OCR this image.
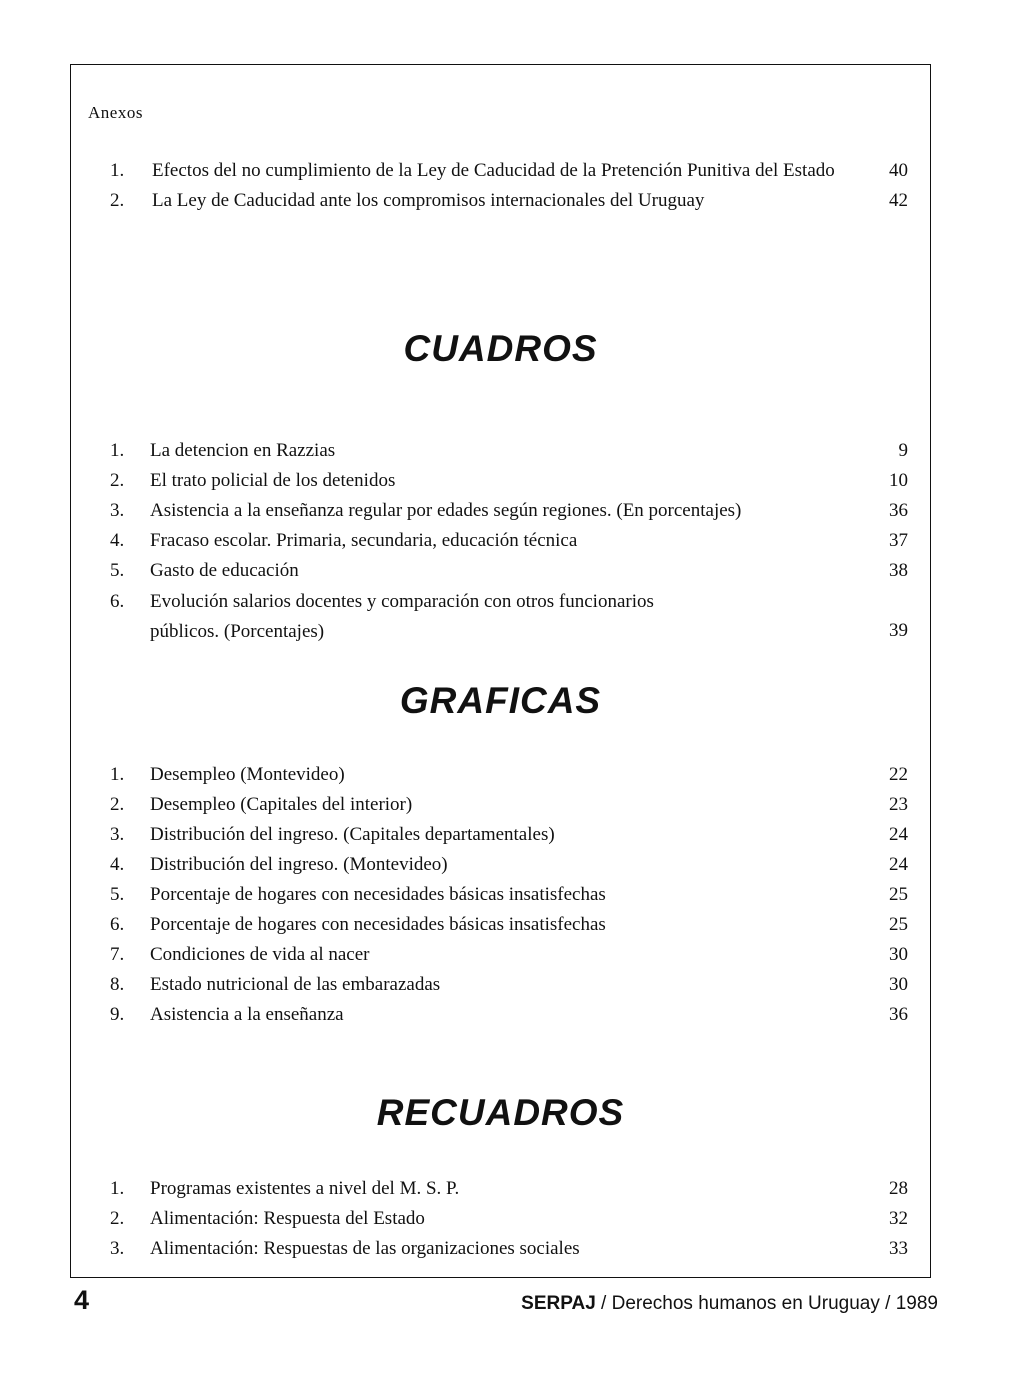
Anexos
1.	Efectos del no cumplimiento de la Ley de Caducidad de la Pretención Punitiva del Estado	40
2.	La Ley de Caducidad ante los compromisos internacionales del Uruguay	42
CUADROS
1.	La detencion en Razzias	9
2.	El trato policial de los detenidos	10
3.	Asistencia a la enseñanza regular por edades según regiones. (En porcentajes)	36
4.	Fracaso escolar. Primaria, secundaria, educación técnica	37
5.	Gasto de educación	38
6.	Evolución salarios docentes y comparación con otros funcionarios
públicos. (Porcentajes)	39
GRAFICAS
1.	Desempleo (Montevideo)	22
2.	Desempleo (Capitales del interior)	23
3.	Distribución del ingreso. (Capitales departamentales)	24
4.	Distribución del ingreso. (Montevideo)	24
5.	Porcentaje de hogares con necesidades básicas insatisfechas	25
6.	Porcentaje de hogares con necesidades básicas insatisfechas	25
7.	Condiciones de vida al nacer	30
8.	Estado nutricional de las embarazadas	30
9.	Asistencia a la enseñanza	36
RECUADROS
1.	Programas existentes a nivel del M. S. P.	28
2.	Alimentación: Respuesta del Estado	32
3.	Alimentación: Respuestas de las organizaciones sociales	33
4	SERPAJ / Derechos humanos en Uruguay / 1989
